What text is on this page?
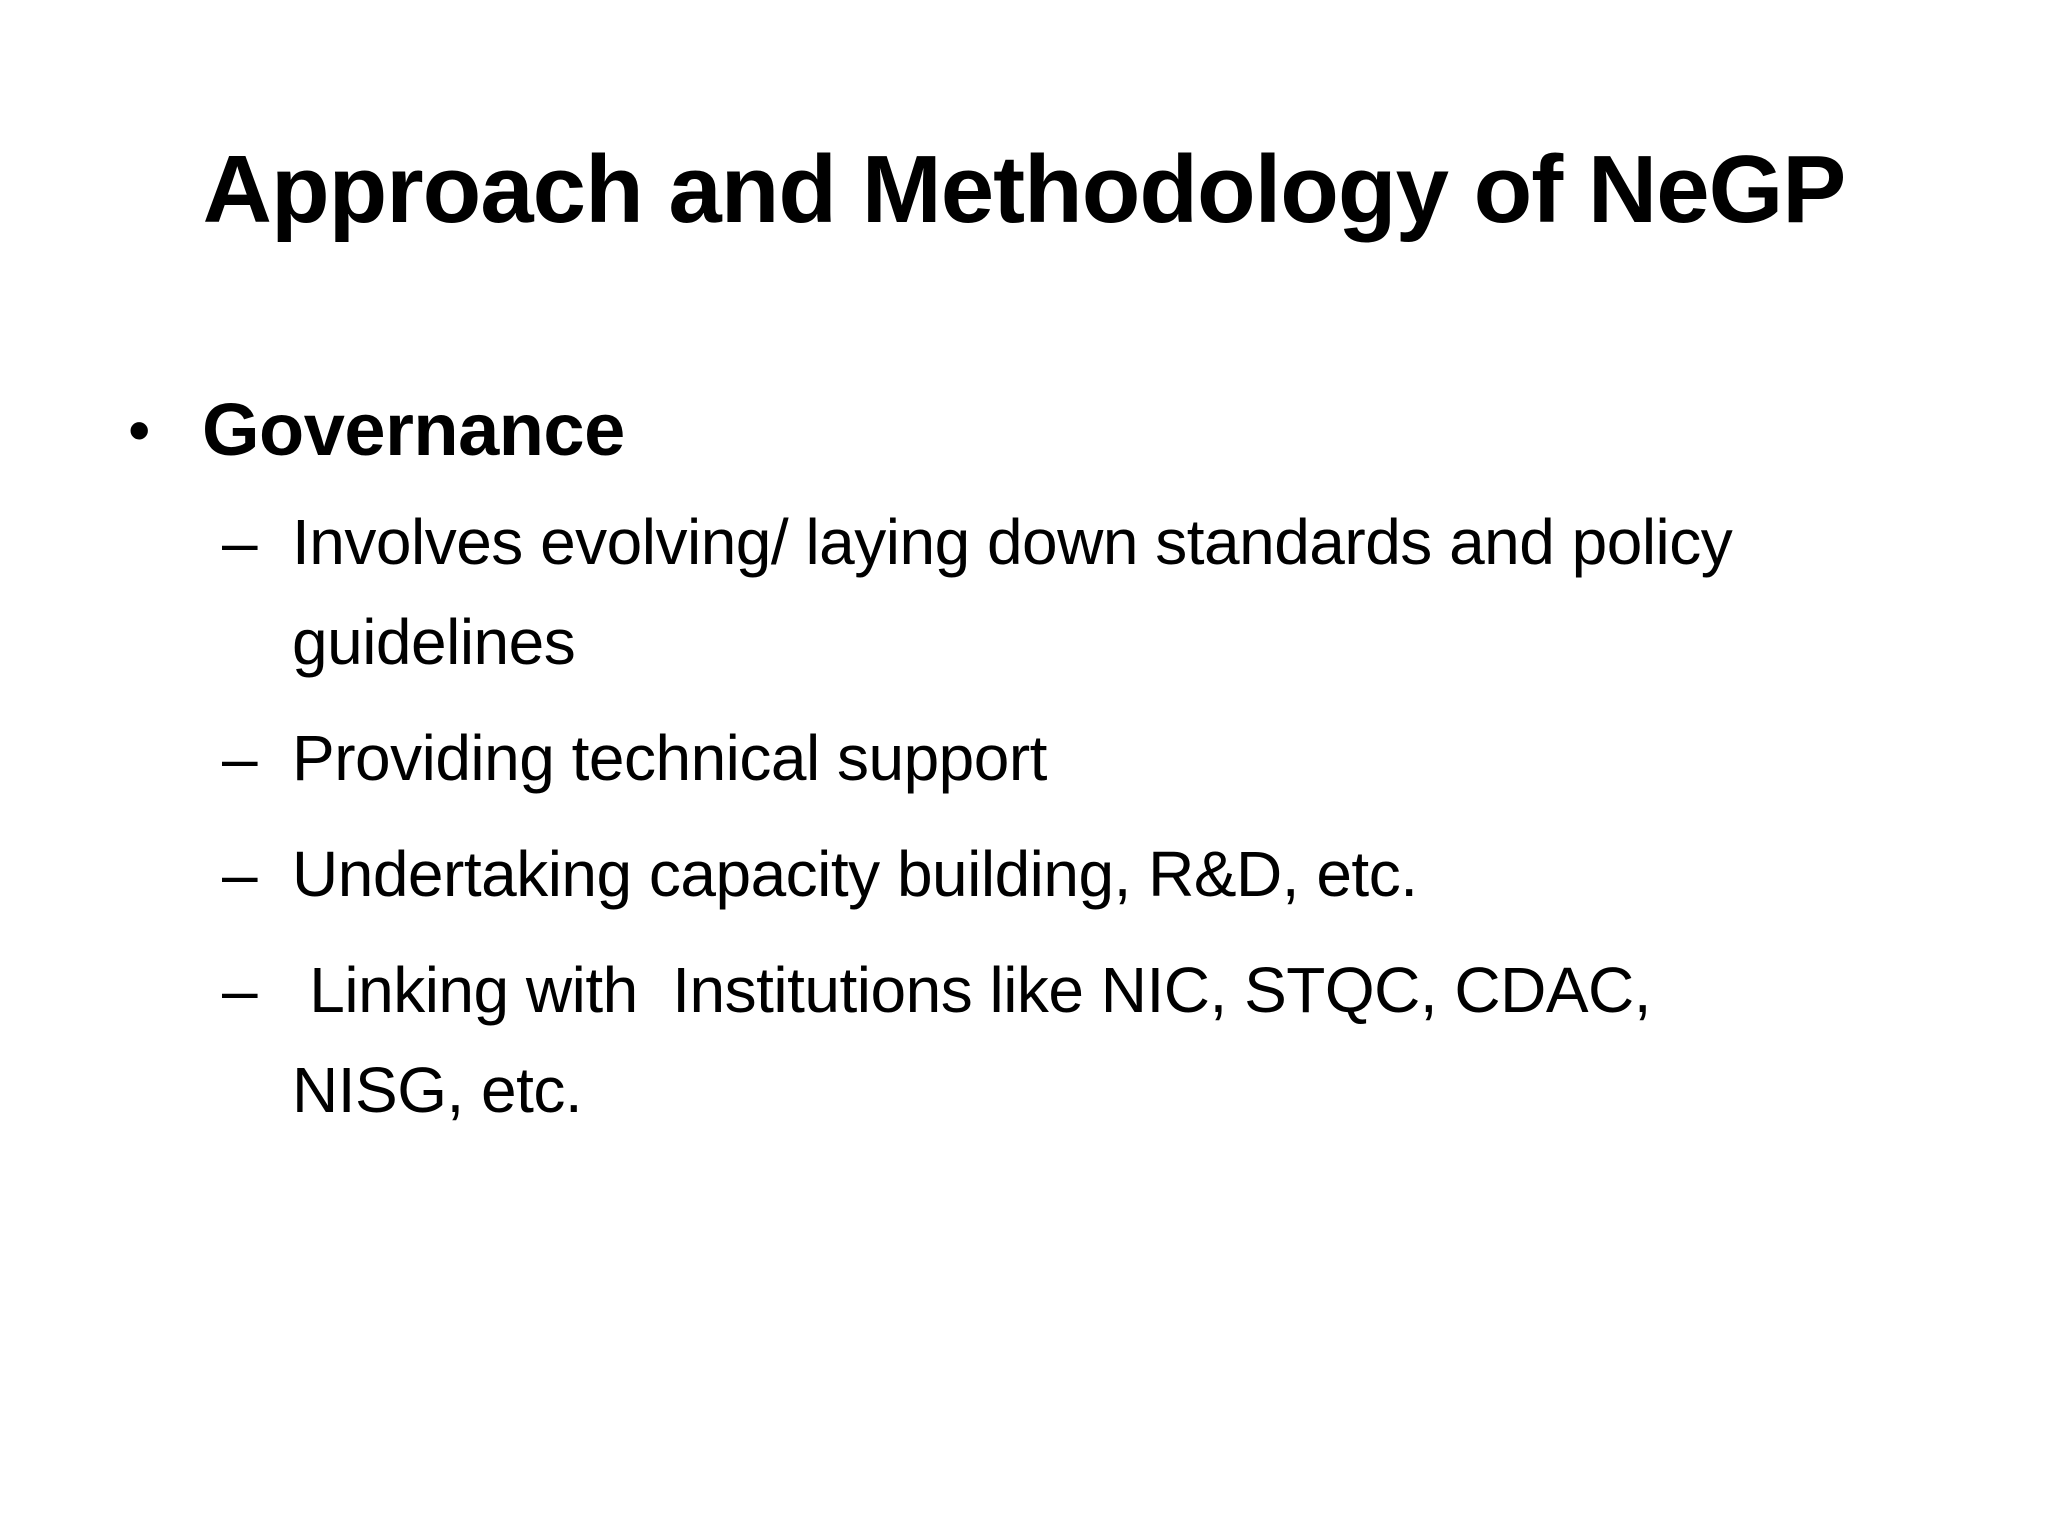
Approach and Methodology of NeGP
• Governance
– Involves evolving/ laying down standards and policy guidelines
– Providing technical support
– Undertaking capacity building, R&D, etc.
– Linking with  Institutions like NIC, STQC, CDAC, NISG, etc.
